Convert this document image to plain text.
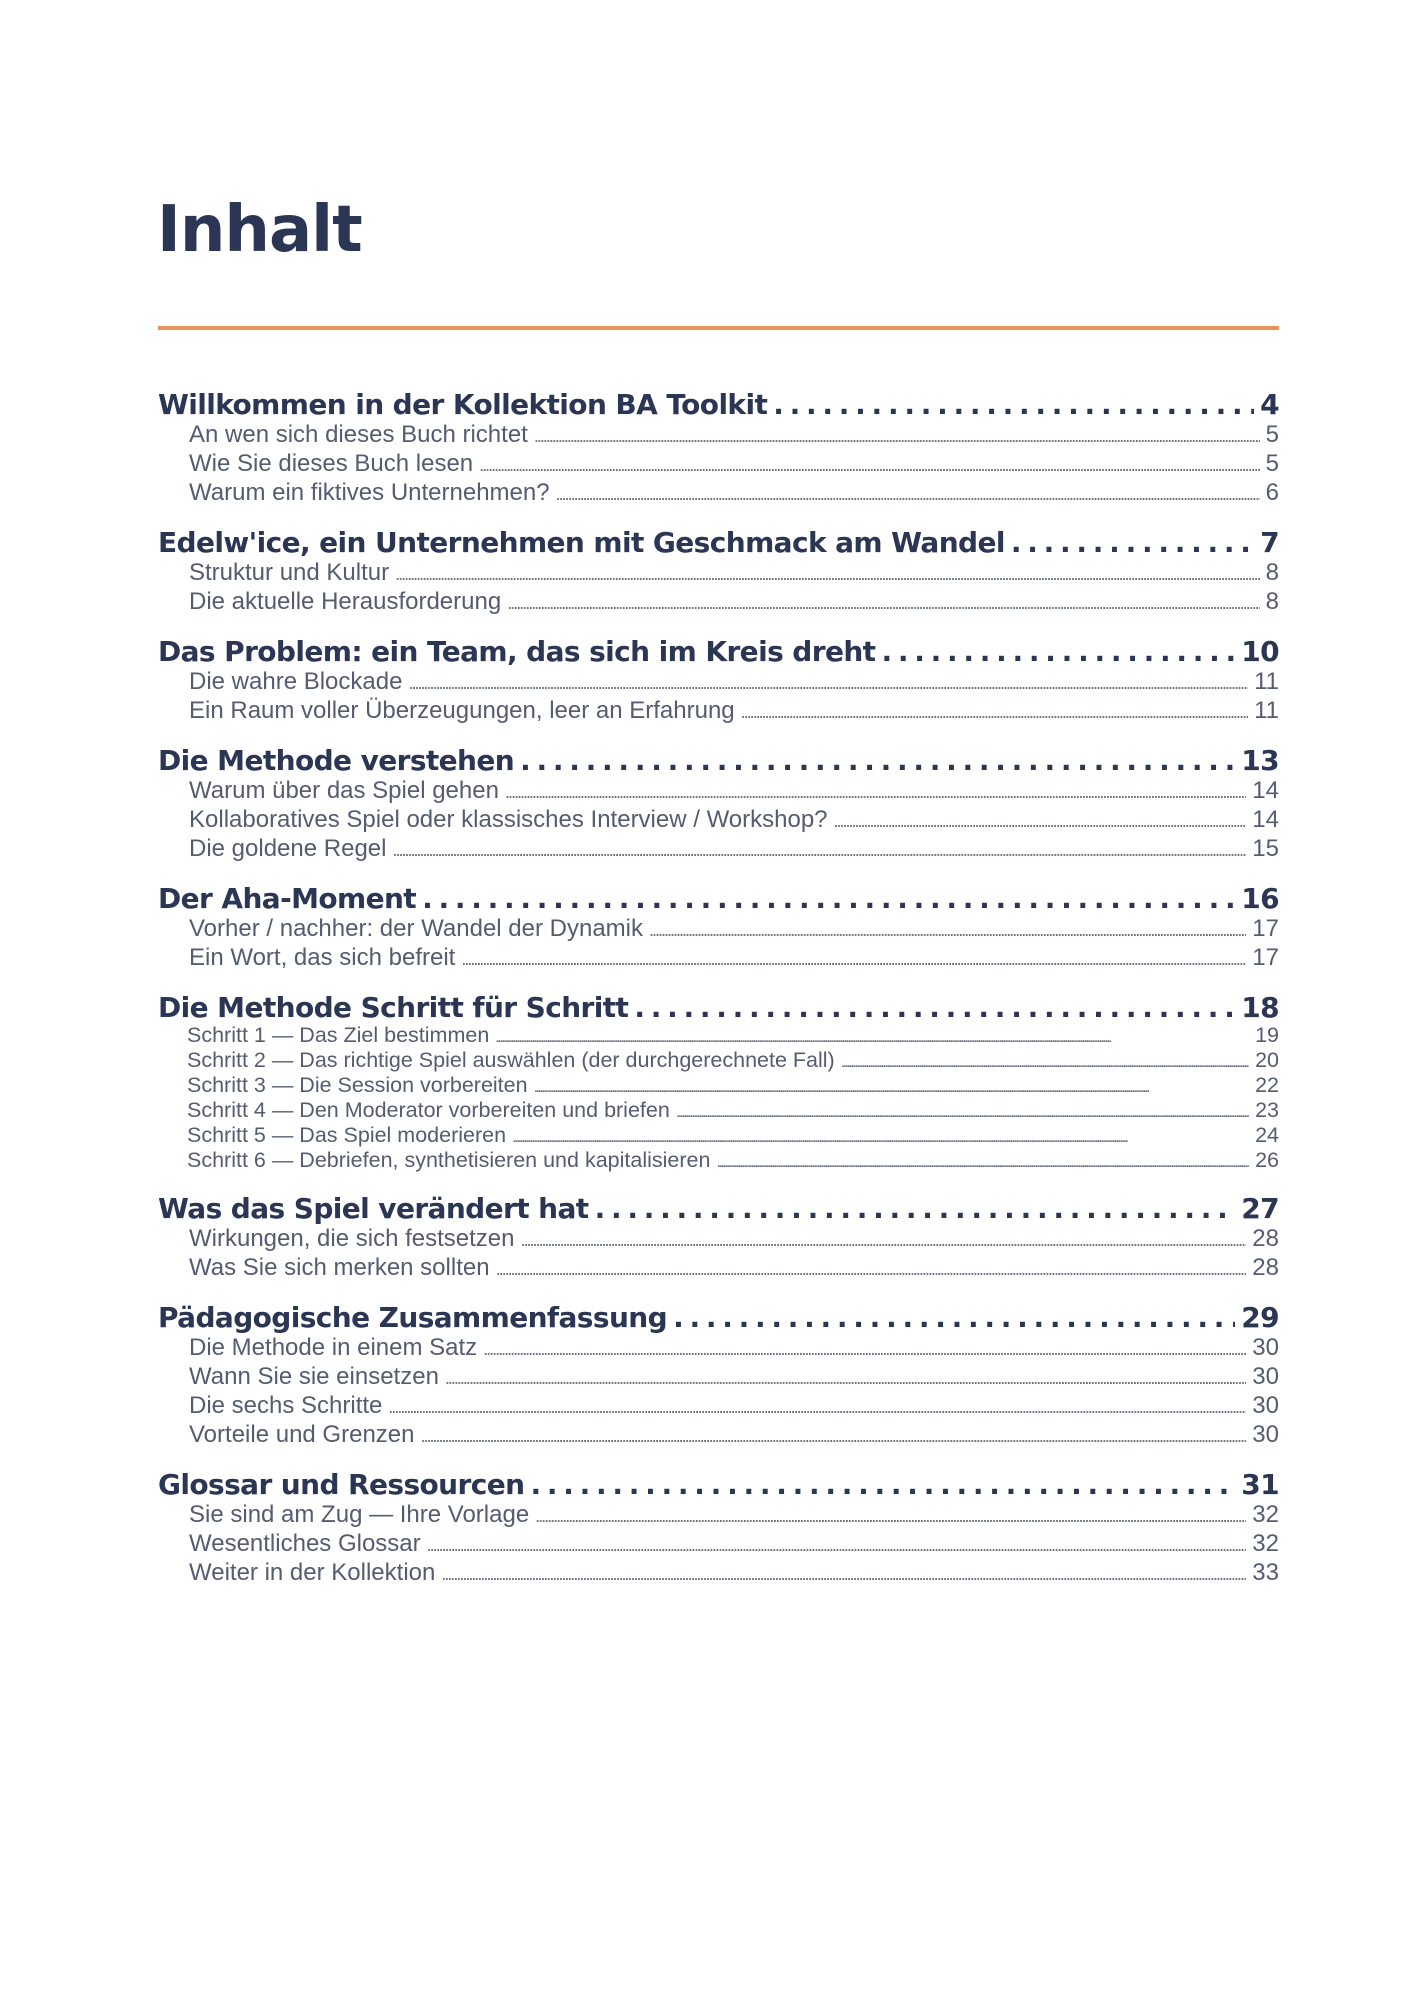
Inhalt
Willkommen in der Kollektion BA Toolkit . . .	4
An wen sich dieses Buch richtet . . .	5
Wie Sie dieses Buch lesen . . .	5
Warum ein fiktives Unternehmen? . . .	6
Edelw'ice, ein Unternehmen mit Geschmack am Wandel . . .	7
Struktur und Kultur . . .	8
Die aktuelle Herausforderung . . .	8
Das Problem: ein Team, das sich im Kreis dreht . . .	10
Die wahre Blockade . . .	11
Ein Raum voller Überzeugungen, leer an Erfahrung . . .	11
Die Methode verstehen . . .	13
Warum über das Spiel gehen . . .	14
Kollaboratives Spiel oder klassisches Interview / Workshop? . . .	14
Die goldene Regel . . .	15
Der Aha-Moment . . .	16
Vorher / nachher: der Wandel der Dynamik . . .	17
Ein Wort, das sich befreit . . .	17
Die Methode Schritt für Schritt . . .	18
Schritt 1 — Das Ziel bestimmen . . .	19
Schritt 2 — Das richtige Spiel auswählen (der durchgerechnete Fall) . . .	20
Schritt 3 — Die Session vorbereiten . . .	22
Schritt 4 — Den Moderator vorbereiten und briefen . . .	23
Schritt 5 — Das Spiel moderieren . . .	24
Schritt 6 — Debriefen, synthetisieren und kapitalisieren . . .	26
Was das Spiel verändert hat . . .	27
Wirkungen, die sich festsetzen . . .	28
Was Sie sich merken sollten . . .	28
Pädagogische Zusammenfassung . . .	29
Die Methode in einem Satz . . .	30
Wann Sie sie einsetzen . . .	30
Die sechs Schritte . . .	30
Vorteile und Grenzen . . .	30
Glossar und Ressourcen . . .	31
Sie sind am Zug — Ihre Vorlage . . .	32
Wesentliches Glossar . . .	32
Weiter in der Kollektion . . .	33
